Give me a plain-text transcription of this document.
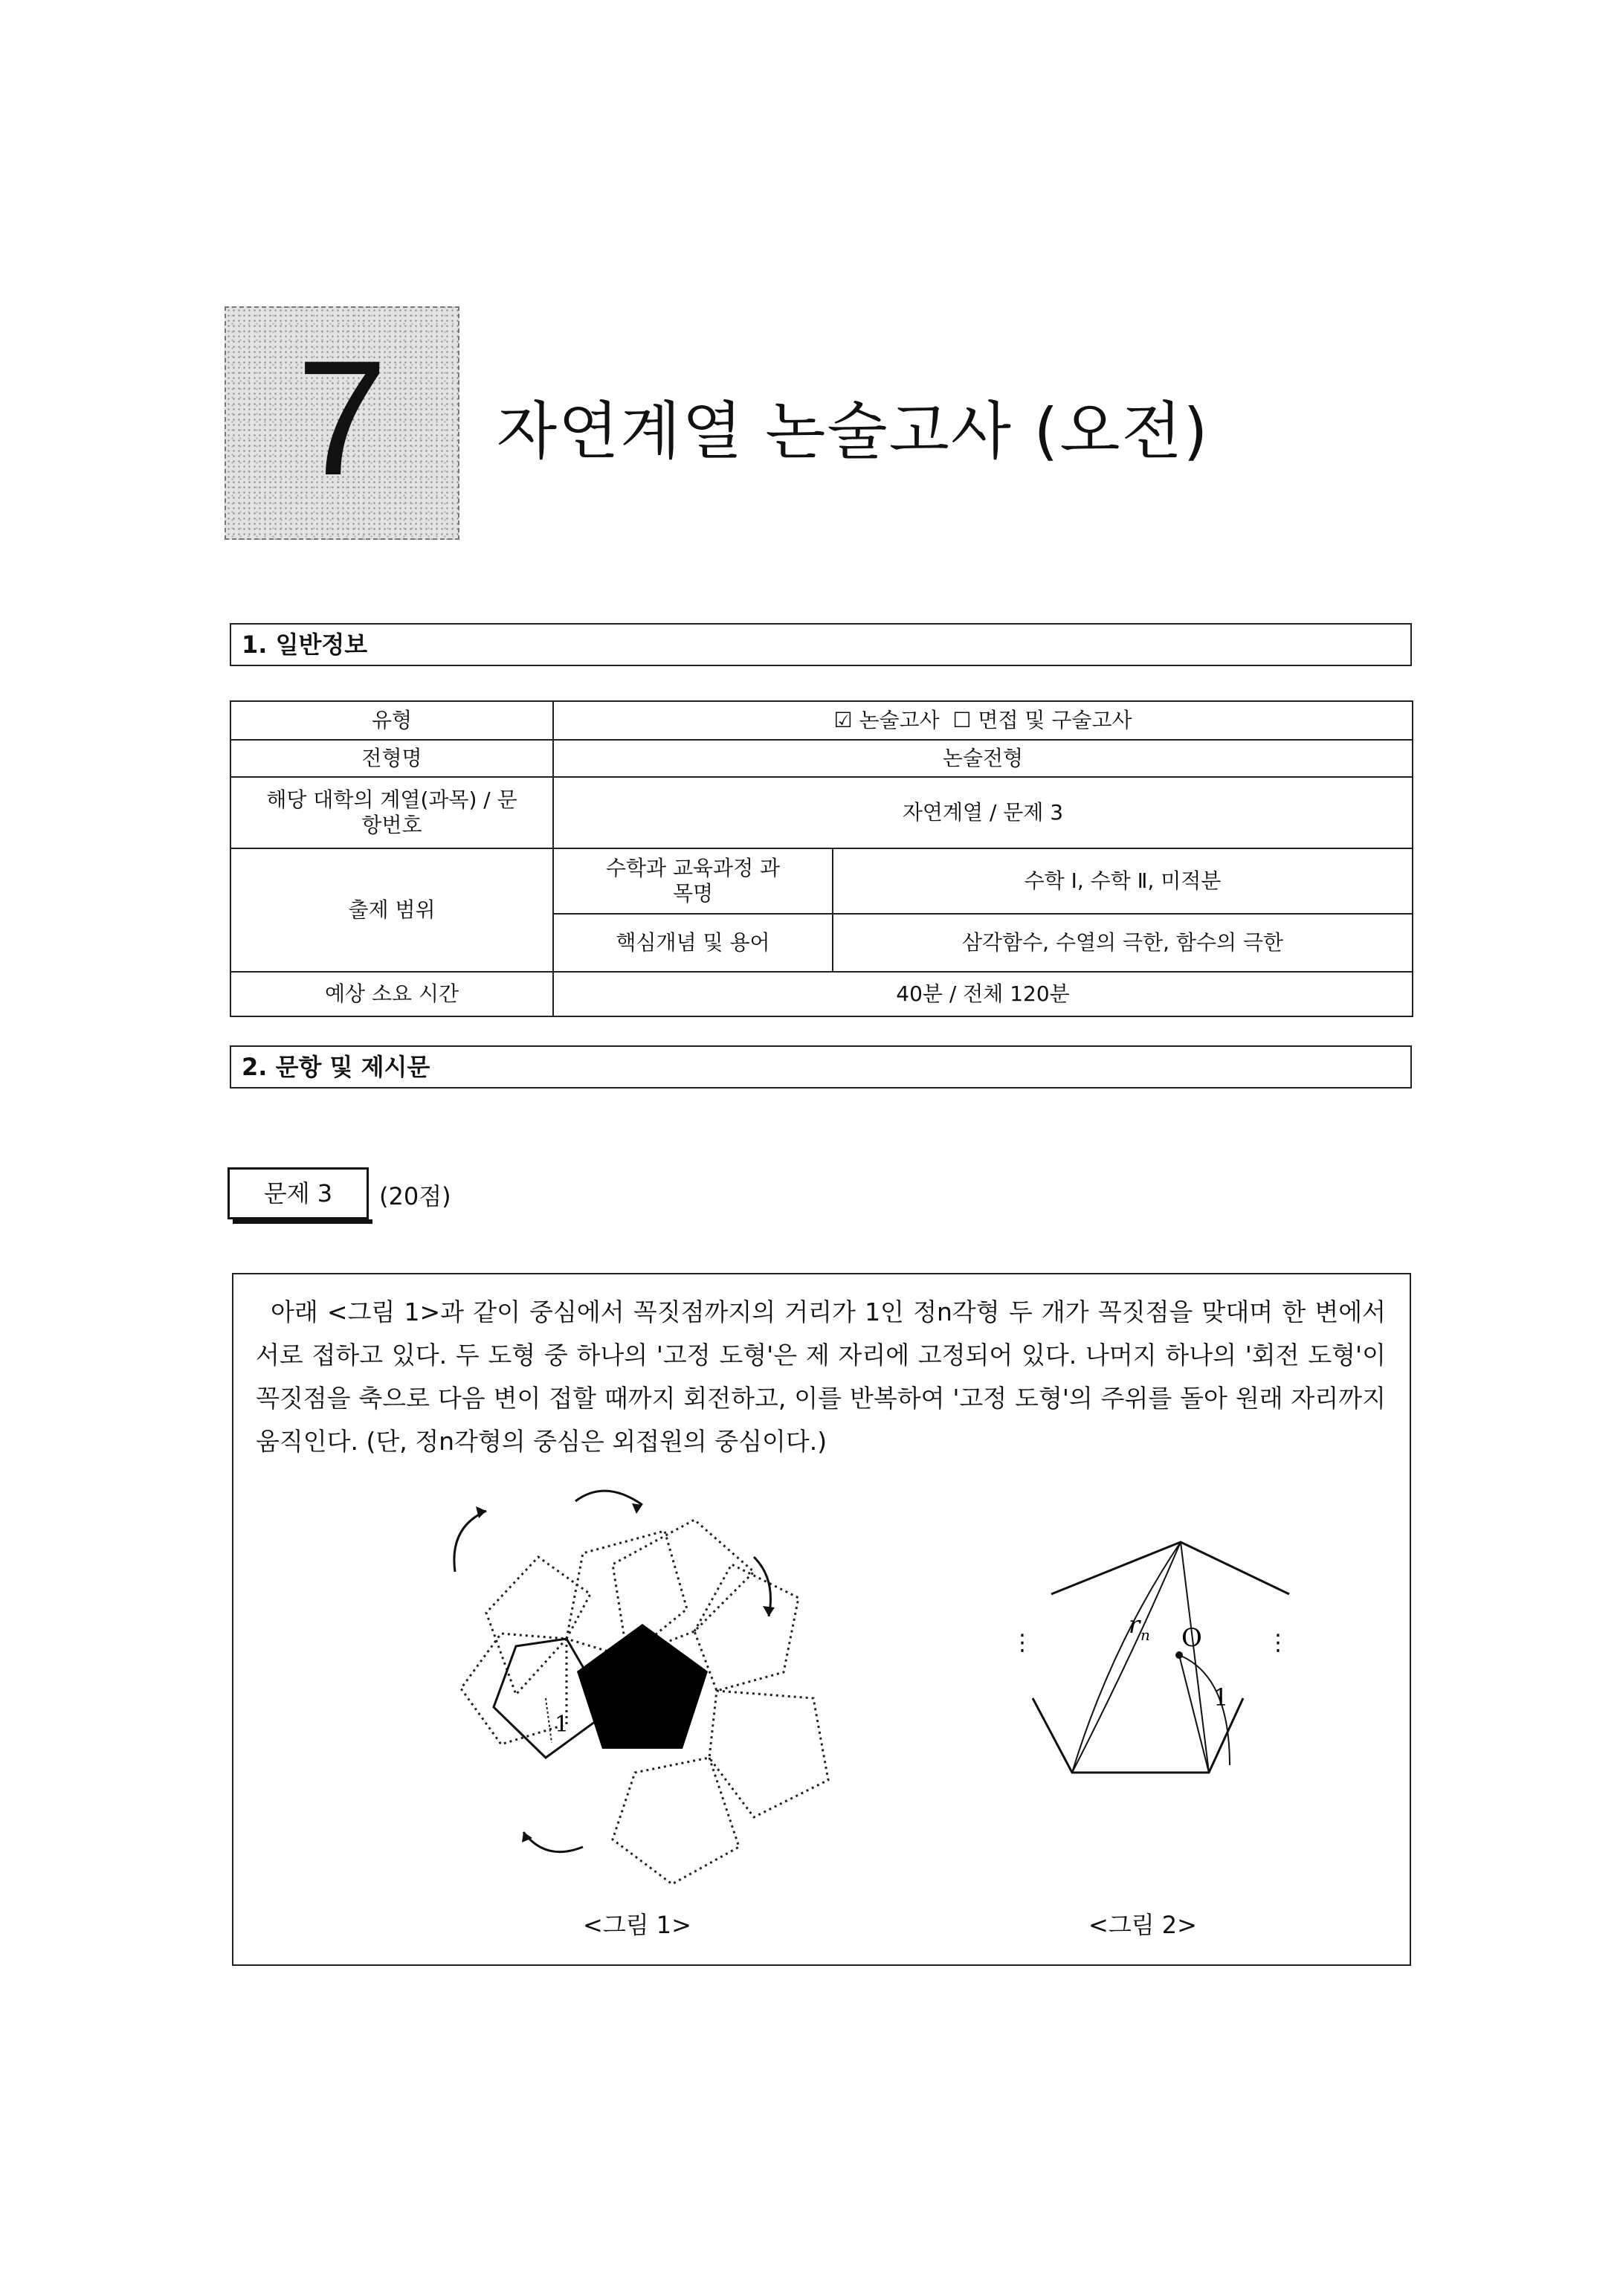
7	자연계열 논술고사 (오전)
1. 일반정보
유형	☑ 논술고사  ☐ 면접 및 구술고사	
전형명	논술전형	
해당 대학의 계열(과목) / 문항번호	자연계열 / 문제 3	
출제 범위	수학과 교육과정 과목명	수학 Ⅰ, 수학 Ⅱ, 미적분
	핵심개념 및 용어	삼각함수, 수열의 극한, 함수의 극한
예상 소요 시간	40분 / 전체 120분	
2. 문항 및 제시문
문제 3	(20점)
아래 <그림 1>과 같이 중심에서 꼭짓점까지의 거리가 1인 정n각형 두 개가 꼭짓점을 맞대며 한 변에서 서로 접하고 있다. 두 도형 중 하나의 '고정 도형'은 제 자리에 고정되어 있다. 나머지 하나의 '회전 도형'이 꼭짓점을 축으로 다음 변이 접할 때까지 회전하고, 이를 반복하여 '고정 도형'의 주위를 돌아 원래 자리까지 움직인다. (단, 정n각형의 중심은 외접원의 중심이다.)
1
<그림 1>
O
r n
1
⋮	⋮
<그림 2>
